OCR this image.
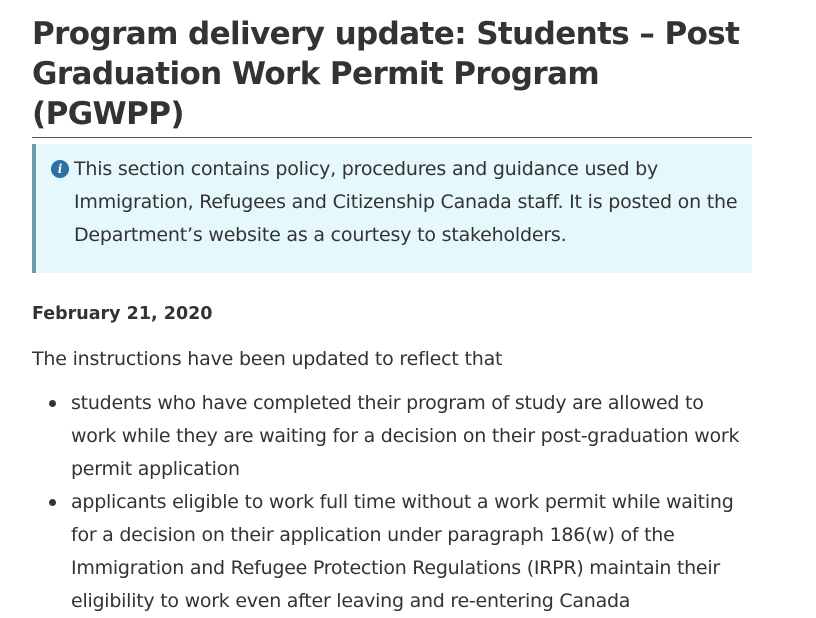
Program delivery update: Students – Post Graduation Work Permit Program (PGWPP)
i This section contains policy, procedures and guidance used by Immigration, Refugees and Citizenship Canada staff. It is posted on the Department’s website as a courtesy to stakeholders.

February 21, 2020

The instructions have been updated to reflect that

students who have completed their program of study are allowed to work while they are waiting for a decision on their post-graduation work permit application
applicants eligible to work full time without a work permit while waiting for a decision on their application under paragraph 186(w) of the Immigration and Refugee Protection Regulations (IRPR) maintain their eligibility to work even after leaving and re-entering Canada
